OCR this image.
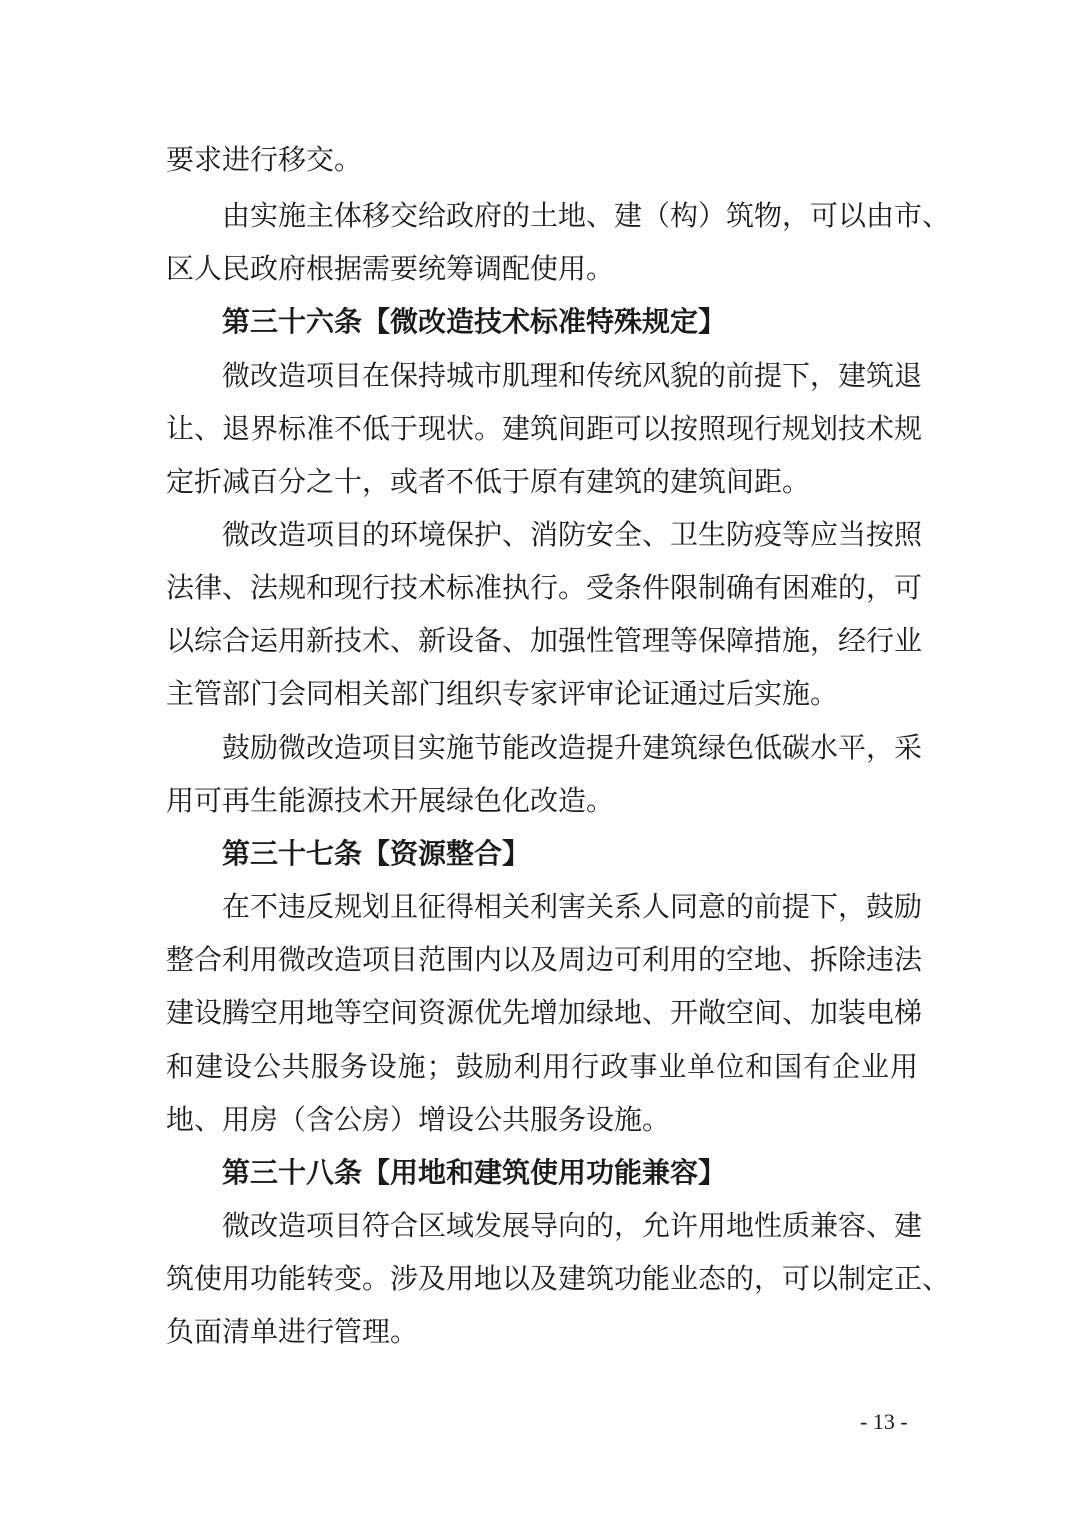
要求进行移交。
由实施主体移交给政府的土地、建（构）筑物，可以由市、
区人民政府根据需要统筹调配使用。
第三十六条【微改造技术标准特殊规定】
微改造项目在保持城市肌理和传统风貌的前提下，建筑退
让、退界标准不低于现状。建筑间距可以按照现行规划技术规
定折减百分之十，或者不低于原有建筑的建筑间距。
微改造项目的环境保护、消防安全、卫生防疫等应当按照
法律、法规和现行技术标准执行。受条件限制确有困难的，可
以综合运用新技术、新设备、加强性管理等保障措施，经行业
主管部门会同相关部门组织专家评审论证通过后实施。
鼓励微改造项目实施节能改造提升建筑绿色低碳水平，采
用可再生能源技术开展绿色化改造。
第三十七条【资源整合】
在不违反规划且征得相关利害关系人同意的前提下，鼓励
整合利用微改造项目范围内以及周边可利用的空地、拆除违法
建设腾空用地等空间资源优先增加绿地、开敞空间、加装电梯
和建设公共服务设施；鼓励利用行政事业单位和国有企业用
地、用房（含公房）增设公共服务设施。
第三十八条【用地和建筑使用功能兼容】
微改造项目符合区域发展导向的，允许用地性质兼容、建
筑使用功能转变。涉及用地以及建筑功能业态的，可以制定正、
负面清单进行管理。
- 13 -
